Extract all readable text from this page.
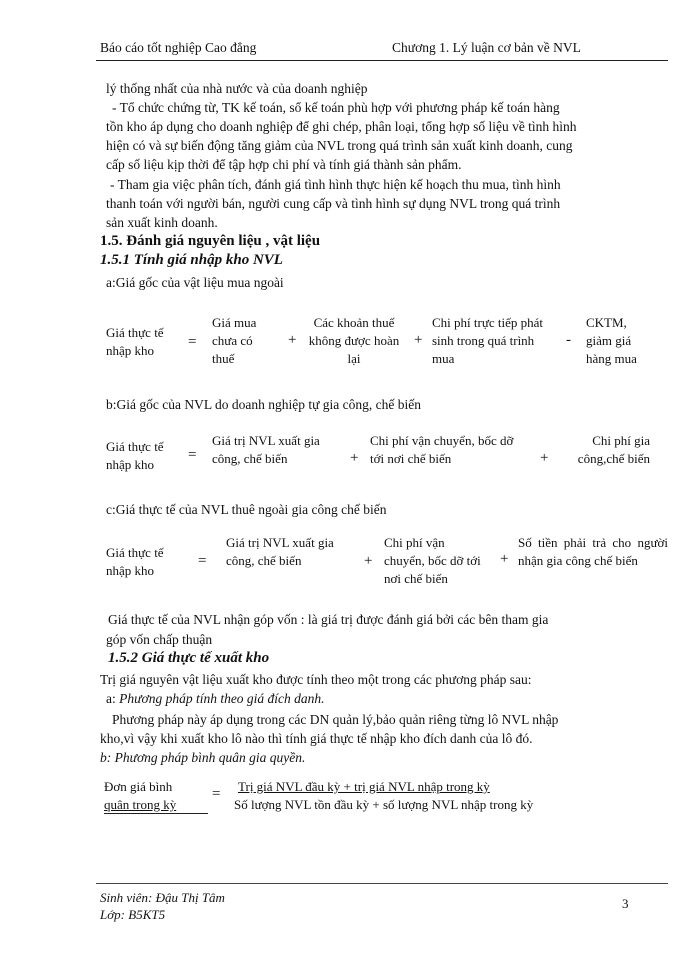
Báo cáo tốt nghiệp Cao đẳng	Chương 1. Lý luận cơ bản về NVL
lý thống nhất của nhà nước và của doanh nghiệp
- Tổ chức chứng từ, TK kế toán, sổ kế toán phù hợp với phương pháp kế toán hàng
tồn kho áp dụng cho doanh nghiệp để ghi chép, phân loại, tổng hợp số liệu về tình hình
hiện có và sự biến động tăng giảm của NVL trong quá trình sản xuất kinh doanh, cung
cấp số liệu kịp thời để tập hợp chi phí và tính giá thành sản phẩm.
- Tham gia việc phân tích, đánh giá tình hình thực hiện kế hoạch thu mua, tình hình
thanh toán với người bán, người cung cấp và tình hình sự dụng NVL trong quá trình
sản xuất kinh doanh.
1.5. Đánh giá nguyên liệu , vật liệu
1.5.1 Tính giá nhập kho NVL
a:Giá gốc của vật liệu mua ngoài
Giá thực tế nhập kho
=
Giá mua chưa có thuế
+
Các khoản thuế không được hoàn lại
+
Chi phí trực tiếp phát sinh trong quá trình mua
-
CKTM, giảm giá hàng mua
b:Giá gốc của NVL do doanh nghiệp tự gia công, chế biến
Giá thực tế nhập kho
=
Giá trị NVL xuất gia công, chế biến	+
Chi phí vận chuyển, bốc dỡ tới nơi chế biến	+
Chi phí gia công,chế biến
c:Giá thực tế của NVL thuê ngoài gia công chế biến
Giá thực tế nhập kho
=
Giá trị NVL xuất gia công, chế biến	+
Chi phí vận chuyển, bốc dỡ tới nơi chế biến
+
Số tiền phải trả cho người nhận gia công chế biến
Giá thực tế của NVL nhận góp vốn : là giá trị được đánh giá bởi các bên tham gia
góp vốn chấp thuận
1.5.2 Giá thực tế xuất kho
Trị giá nguyên vật liệu xuất kho được tính theo một trong các phương pháp sau:
a: Phương pháp tính theo giá đích danh.
Phương pháp này áp dụng trong các DN quản lý,bảo quản riêng từng lô NVL nhập
kho,vì vậy khi xuất kho lô nào thì tính giá thực tế nhập kho đích danh của lô đó.
b: Phương pháp bình quân gia quyền.
Đơn giá bình
quân trong kỳ
= Trị giá NVL đầu kỳ + trị giá NVL nhập trong kỳ
Số lượng NVL tồn đầu kỳ + số lượng NVL nhập trong kỳ
Sinh viên: Đậu Thị Tâm
Lớp: B5KT5
3
